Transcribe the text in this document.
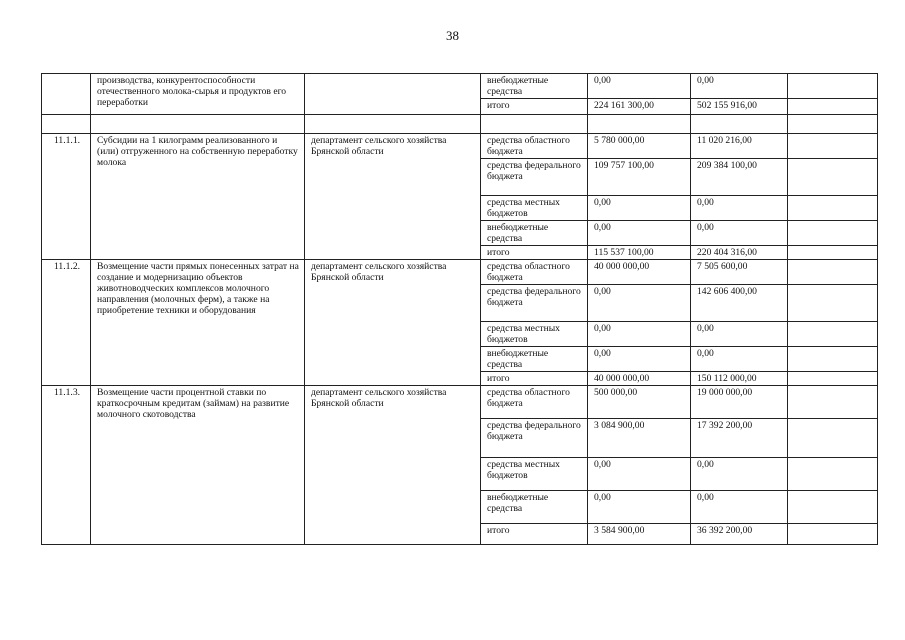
38
	производства, конкурентоспособности отечественного молока-сырья и продуктов его переработки		внебюджетные средства	0,00	0,00	
			итого	224 161 300,00	502 155 916,00	

11.1.1.	Субсидии на 1 килограмм реализованного и (или) отгруженного на собственную переработку молока	департамент сельского хозяйства Брянской области	средства областного бюджета	5 780 000,00	11 020 216,00	
			средства федерального бюджета	109 757 100,00	209 384 100,00	
			средства местных бюджетов	0,00	0,00	
			внебюджетные средства	0,00	0,00	
			итого	115 537 100,00	220 404 316,00	
11.1.2.	Возмещение части прямых понесенных затрат на создание и модернизацию объектов животноводческих комплексов молочного направления (молочных ферм), а также на приобретение техники и оборудования	департамент сельского хозяйства Брянской области	средства областного бюджета	40 000 000,00	7 505 600,00	
			средства федерального бюджета	0,00	142 606 400,00	
			средства местных бюджетов	0,00	0,00	
			внебюджетные средства	0,00	0,00	
			итого	40 000 000,00	150 112 000,00	
11.1.3.	Возмещение части процентной ставки по краткосрочным кредитам (займам) на развитие молочного скотоводства	департамент сельского хозяйства Брянской области	средства областного бюджета	500 000,00	19 000 000,00	
			средства федерального бюджета	3 084 900,00	17 392 200,00	
			средства местных бюджетов	0,00	0,00	
			внебюджетные средства	0,00	0,00	
			итого	3 584 900,00	36 392 200,00	
